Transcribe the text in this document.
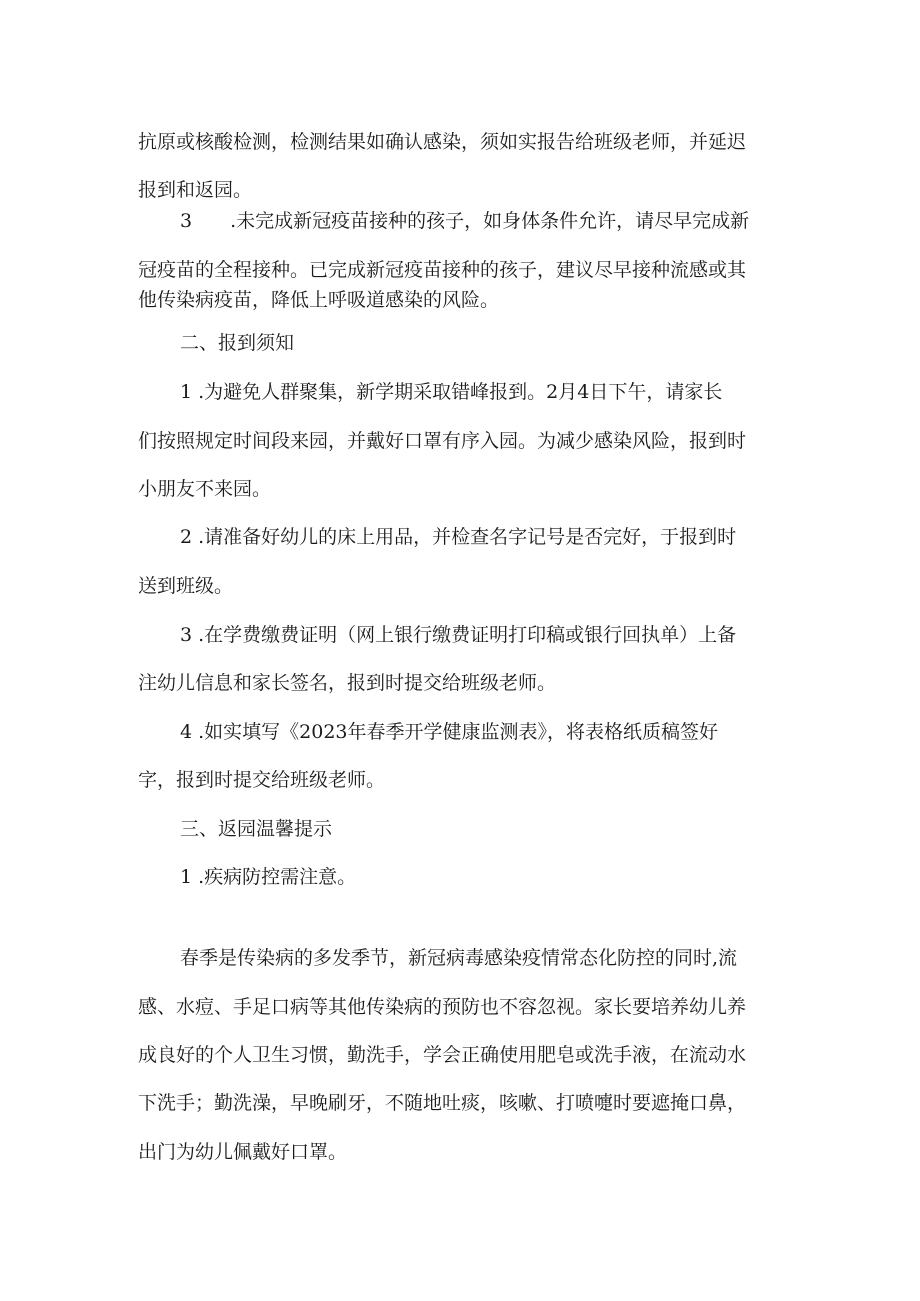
抗原或核酸检测，检测结果如确认感染，须如实报告给班级老师，并延迟

报到和返园。

3　　.未完成新冠疫苗接种的孩子，如身体条件允许，请尽早完成新

冠疫苗的全程接种。已完成新冠疫苗接种的孩子，建议尽早接种流感或其

他传染病疫苗，降低上呼吸道感染的风险。

二、报到须知

1 .为避免人群聚集，新学期采取错峰报到。2月4日下午，请家长

们按照规定时间段来园，并戴好口罩有序入园。为减少感染风险，报到时

小朋友不来园。

2 .请准备好幼儿的床上用品，并检查名字记号是否完好，于报到时

送到班级。

3 .在学费缴费证明（网上银行缴费证明打印稿或银行回执单）上备

注幼儿信息和家长签名，报到时提交给班级老师。

4 .如实填写《2023年春季开学健康监测表》，将表格纸质稿签好

字，报到时提交给班级老师。

三、返园温馨提示

1 .疾病防控需注意。

春季是传染病的多发季节，新冠病毒感染疫情常态化防控的同时,流

感、水痘、手足口病等其他传染病的预防也不容忽视。家长要培养幼儿养

成良好的个人卫生习惯，勤洗手，学会正确使用肥皂或洗手液，在流动水

下洗手；勤洗澡，早晚刷牙，不随地吐痰，咳嗽、打喷嚏时要遮掩口鼻，

出门为幼儿佩戴好口罩。
